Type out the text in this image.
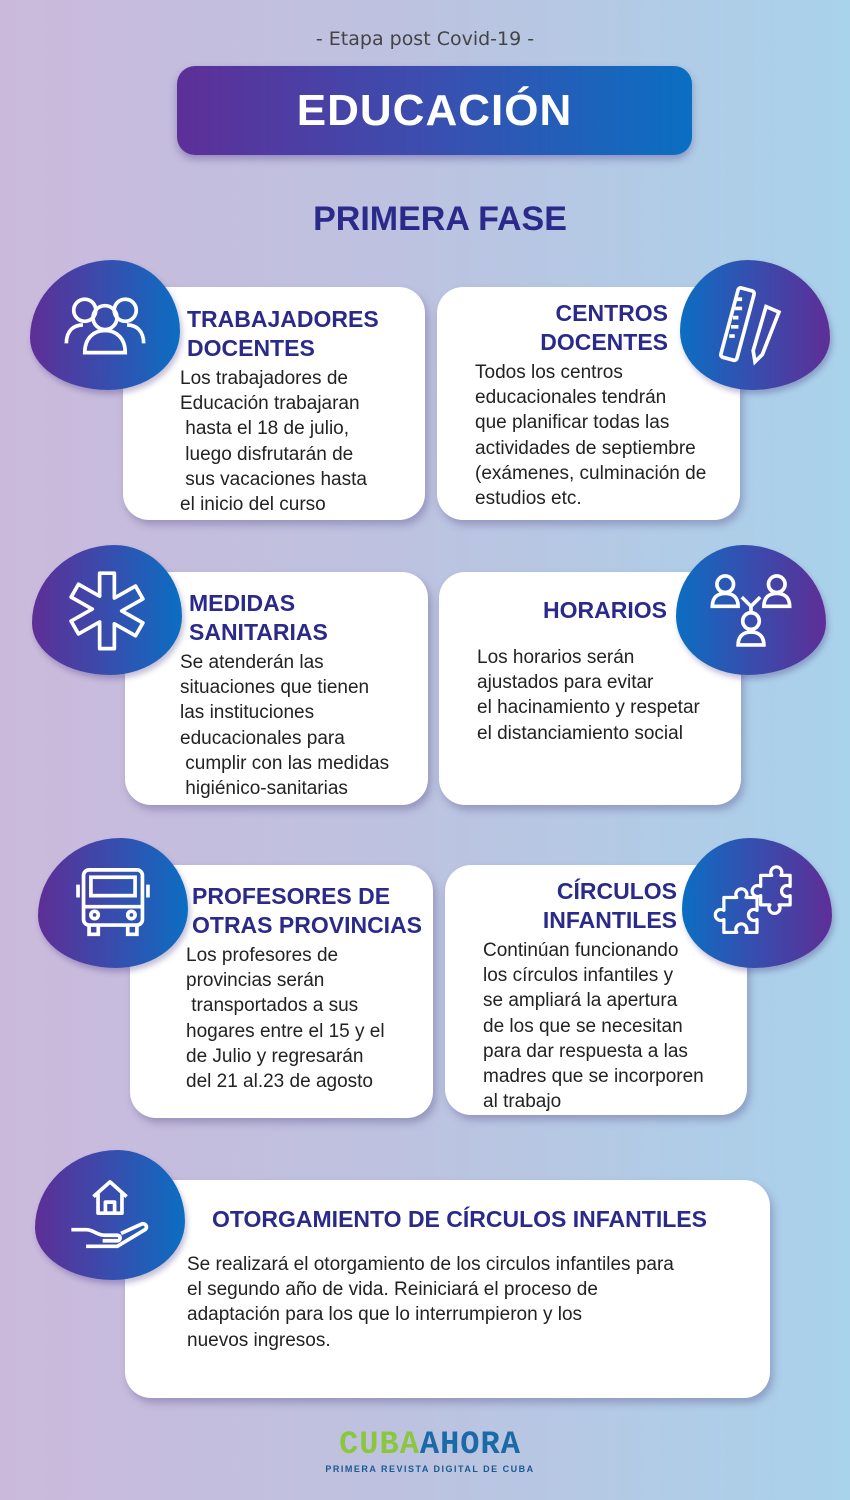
- Etapa post Covid-19 -
EDUCACIÓN
PRIMERA FASE
TRABAJADORES
DOCENTES

Los trabajadores de
Educación trabajaran
hasta el 18 de julio,
luego disfrutarán de
sus vacaciones hasta
el inicio del curso

CENTROS
DOCENTES

Todos los centros
educacionales tendrán
que planificar todas las
actividades de septiembre
(exámenes, culminación de
estudios etc.

MEDIDAS
SANITARIAS

Se atenderán las
situaciones que tienen
las instituciones
educacionales para
cumplir con las medidas
higiénico-sanitarias

HORARIOS

Los horarios serán
ajustados para evitar
el hacinamiento y respetar
el distanciamiento social

PROFESORES DE
OTRAS PROVINCIAS

Los profesores de
provincias serán
transportados a sus
hogares entre el 15 y el
de Julio y regresarán
del 21 al.23 de agosto

CÍRCULOS
INFANTILES

Continúan funcionando
los círculos infantiles y
se ampliará la apertura
de los que se necesitan
para dar respuesta a las
madres que se incorporen
al trabajo

OTORGAMIENTO DE CÍRCULOS INFANTILES

Se realizará el otorgamiento de los circulos infantiles para
el segundo año de vida. Reiniciará el proceso de
adaptación para los que lo interrumpieron y los
nuevos ingresos.

CUBAAHORA
PRIMERA REVISTA DIGITAL DE CUBA
